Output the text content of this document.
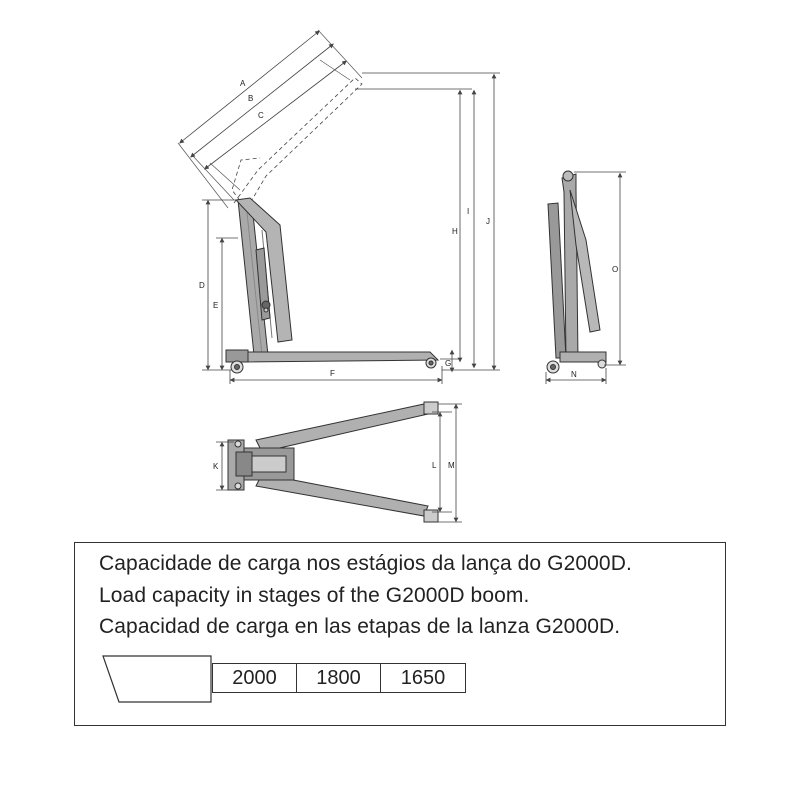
A
B
C
D
E
F
G
H
I
J
N
O
K	L M
Capacidade de carga nos estágios da lança do G2000D.
Load capacity in stages of the G2000D boom.
Capacidad de carga en las etapas de la lanza G2000D.
2000	1800	1650
